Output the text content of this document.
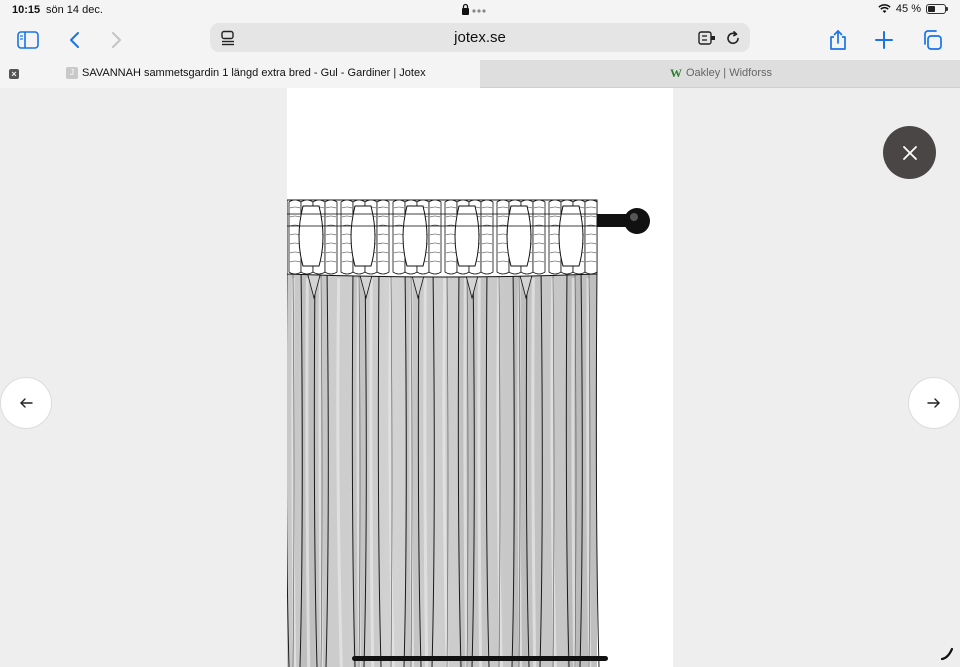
10:15 sön 14 dec.	45 %
jotex.se
×	J SAVANNAH sammetsgardin 1 längd extra bred - Gul - Gardiner | Jotex	W Oakley | Widforss
